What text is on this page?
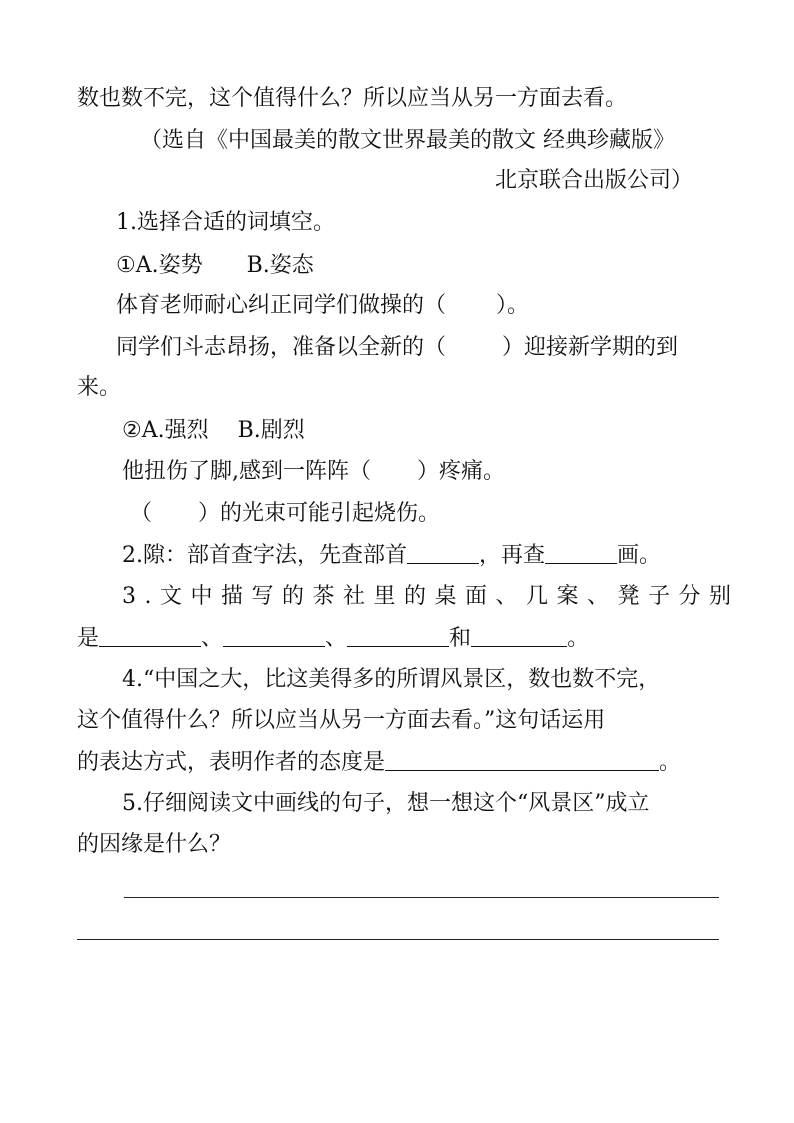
数也数不完，这个值得什么？所以应当从另一方面去看。
（选自《中国最美的散文世界最美的散文 经典珍藏版》
北京联合出版公司）
1.选择合适的词填空。
①A.姿势　　B.姿态
体育老师耐心纠正同学们做操的（ ）。
同学们斗志昂扬，准备以全新的（	）迎接新学期的到
来。
②A.强烈　 B.剧烈
他扭伤了脚,感到一阵阵（ ）疼痛。
（ ）的光束可能引起烧伤。
2.隙：部首查字法，先查部首	，再查	画。
3.文中描写的茶社里的桌面、几案、凳子分别
是	、	、	和	。
4.“中国之大，比这美得多的所谓风景区，数也数不完，
这个值得什么？所以应当从另一方面去看。”这句话运用
的表达方式，表明作者的态度是	。
5.仔细阅读文中画线的句子，想一想这个“风景区”成立
的因缘是什么？
